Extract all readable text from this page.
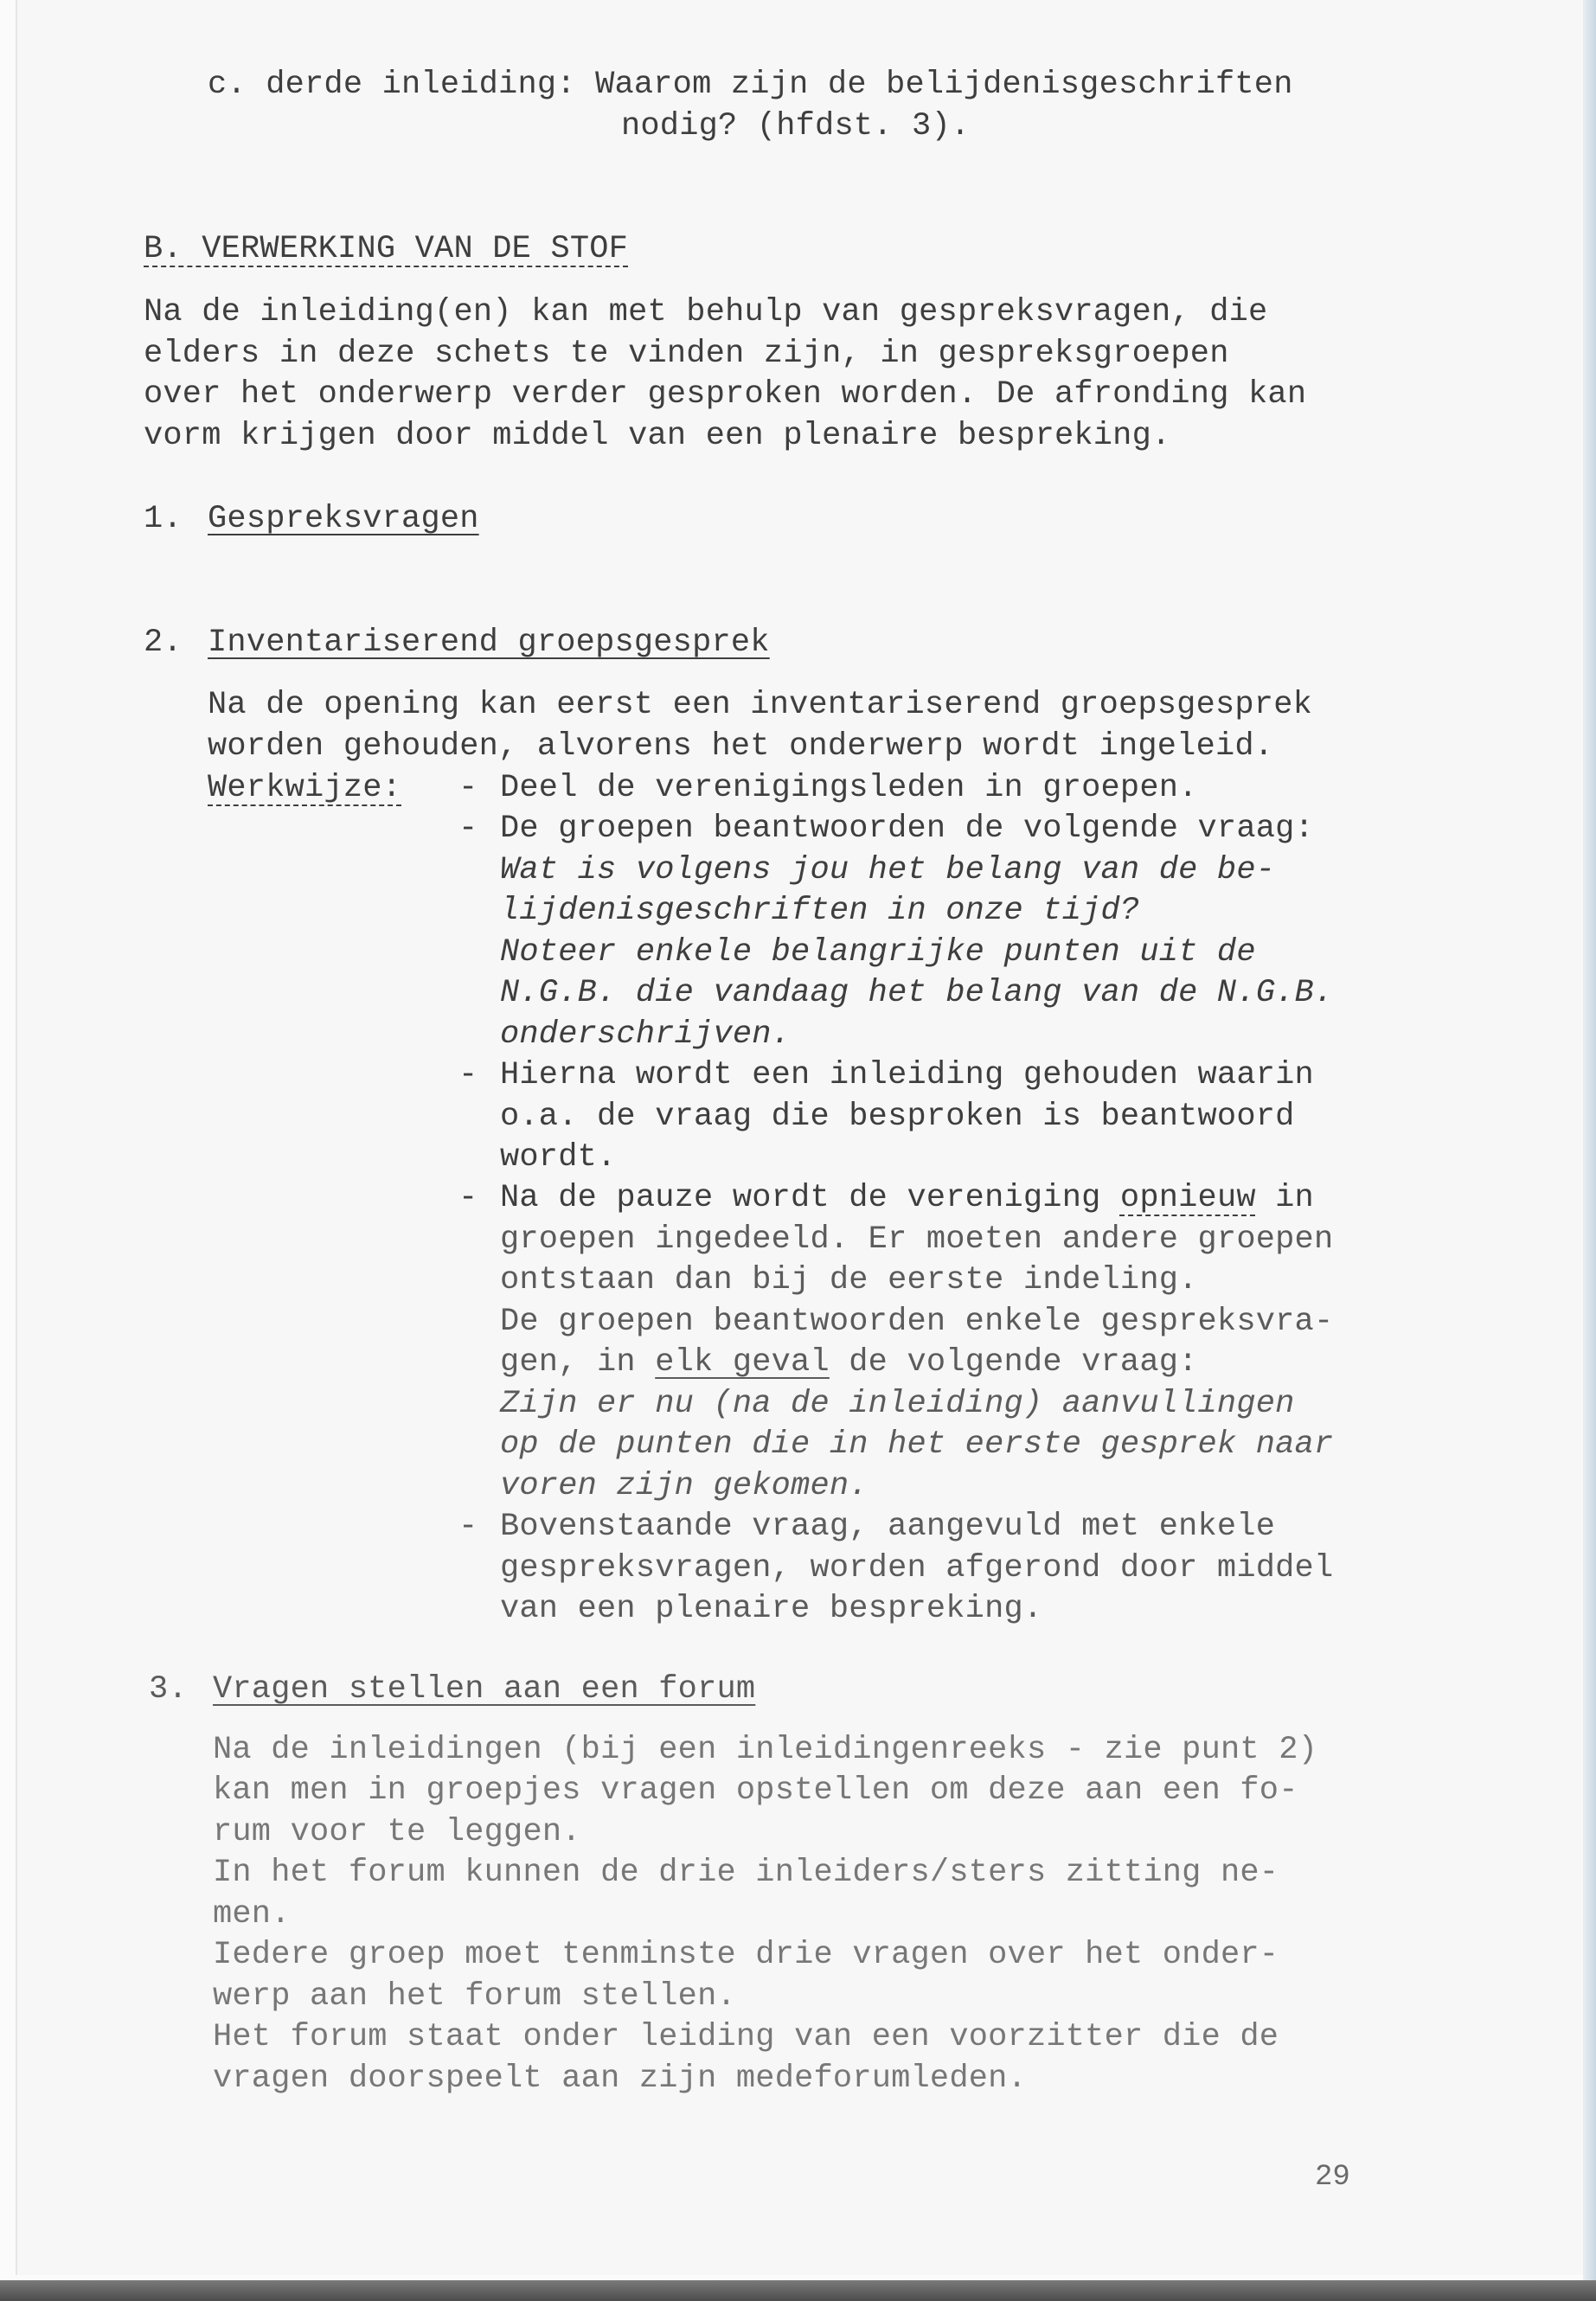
c. derde inleiding: Waarom zijn de belijdenisgeschriften
nodig? (hfdst. 3).
B. VERWERKING VAN DE STOF
Na de inleiding(en) kan met behulp van gespreksvragen, die
elders in deze schets te vinden zijn, in gespreksgroepen
over het onderwerp verder gesproken worden. De afronding kan
vorm krijgen door middel van een plenaire bespreking.
1. Gespreksvragen
2. Inventariserend groepsgesprek
Na de opening kan eerst een inventariserend groepsgesprek
worden gehouden, alvorens het onderwerp wordt ingeleid.
Werkwijze: - Deel de verenigingsleden in groepen.
- De groepen beantwoorden de volgende vraag:
Wat is volgens jou het belang van de be-
lijdenisgeschriften in onze tijd?
Noteer enkele belangrijke punten uit de
N.G.B. die vandaag het belang van de N.G.B.
onderschrijven.
- Hierna wordt een inleiding gehouden waarin
o.a. de vraag die besproken is beantwoord
wordt.
- Na de pauze wordt de vereniging opnieuw in
groepen ingedeeld. Er moeten andere groepen
ontstaan dan bij de eerste indeling.
De groepen beantwoorden enkele gespreksvra-
gen, in elk geval de volgende vraag:
Zijn er nu (na de inleiding) aanvullingen
op de punten die in het eerste gesprek naar
voren zijn gekomen.
- Bovenstaande vraag, aangevuld met enkele
gespreksvragen, worden afgerond door middel
van een plenaire bespreking.
3. Vragen stellen aan een forum
Na de inleidingen (bij een inleidingenreeks - zie punt 2)
kan men in groepjes vragen opstellen om deze aan een fo-
rum voor te leggen.
In het forum kunnen de drie inleiders/sters zitting ne-
men.
Iedere groep moet tenminste drie vragen over het onder-
werp aan het forum stellen.
Het forum staat onder leiding van een voorzitter die de
vragen doorspeelt aan zijn medeforumleden.
29
